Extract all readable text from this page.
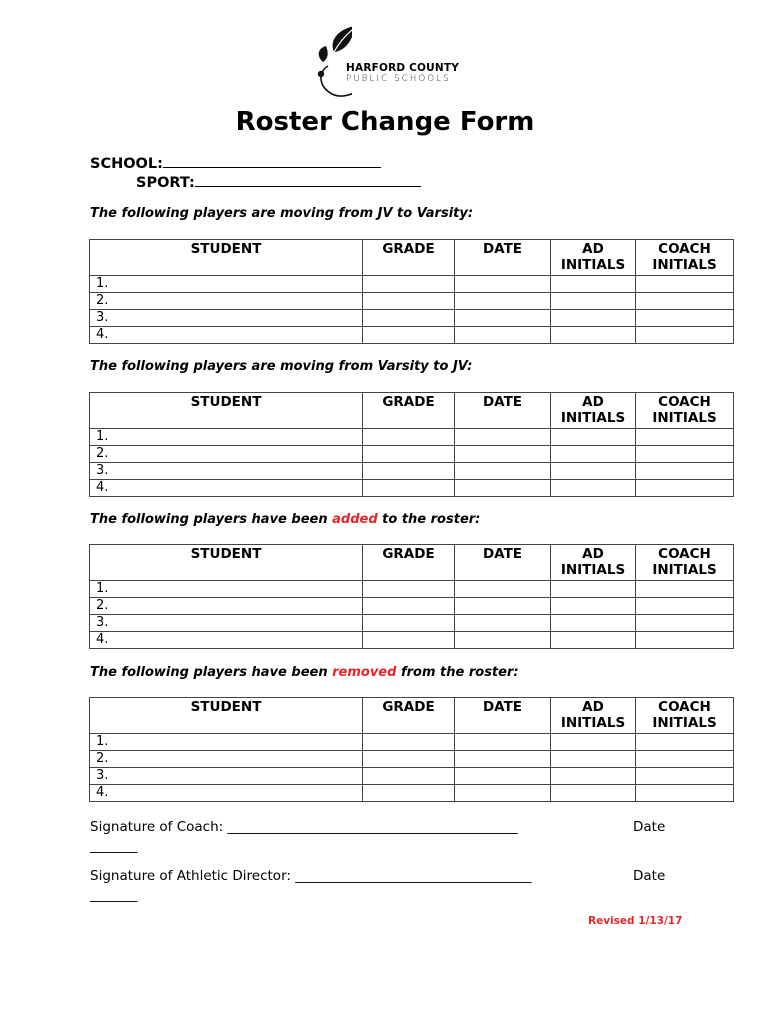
HARFORD COUNTY
PUBLIC SCHOOLS
Roster Change Form
SCHOOL:
SPORT:
The following players are moving from JV to Varsity:
STUDENT	GRADE	DATE	AD INITIALS	COACH INITIALS
1.				
2.				
3.				
4.				
The following players are moving from Varsity to JV:
STUDENT	GRADE	DATE	AD INITIALS	COACH INITIALS
1.				
2.				
3.				
4.				
The following players have been added to the roster:
STUDENT	GRADE	DATE	AD INITIALS	COACH INITIALS
1.				
2.				
3.				
4.				
The following players have been removed from the roster:
STUDENT	GRADE	DATE	AD INITIALS	COACH INITIALS
1.				
2.				
3.				
4.				
Signature of Coach: ___________________________________________	Date
_______
Signature of Athletic Director: ___________________________________	Date
_______
Revised 1/13/17
